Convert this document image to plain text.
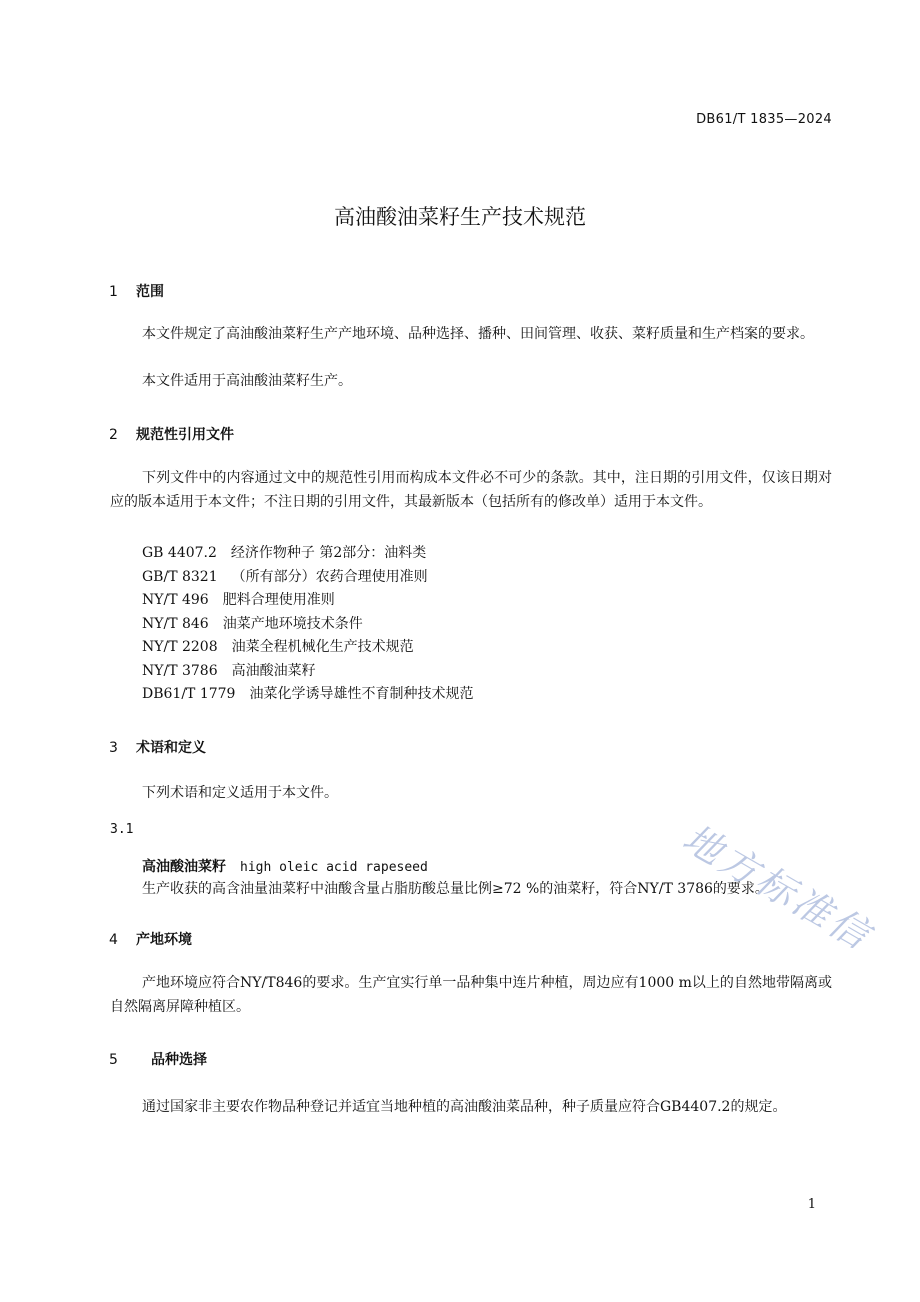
DB61/T 1835—2024
高油酸油菜籽生产技术规范
1 范围
本文件规定了高油酸油菜籽生产产地环境、品种选择、播种、田间管理、收获、菜籽质量和生产档案的要求。
本文件适用于高油酸油菜籽生产。
2 规范性引用文件
下列文件中的内容通过文中的规范性引用而构成本文件必不可少的条款。其中，注日期的引用文件，仅该日期对应的版本适用于本文件；不注日期的引用文件，其最新版本（包括所有的修改单）适用于本文件。
GB 4407.2 经济作物种子 第2部分：油料类
GB/T 8321 （所有部分）农药合理使用准则
NY/T 496 肥料合理使用准则
NY/T 846 油菜产地环境技术条件
NY/T 2208 油菜全程机械化生产技术规范
NY/T 3786 高油酸油菜籽
DB61/T 1779 油菜化学诱导雄性不育制种技术规范
3 术语和定义
下列术语和定义适用于本文件。
3.1
高油酸油菜籽 high oleic acid rapeseed
生产收获的高含油量油菜籽中油酸含量占脂肪酸总量比例≥72 %的油菜籽，符合NY/T 3786的要求。
4 产地环境
产地环境应符合NY/T846的要求。生产宜实行单一品种集中连片种植，周边应有1000 m以上的自然地带隔离或自然隔离屏障种植区。
5 品种选择
通过国家非主要农作物品种登记并适宜当地种植的高油酸油菜品种，种子质量应符合GB4407.2的规定。
地方标准信
1
